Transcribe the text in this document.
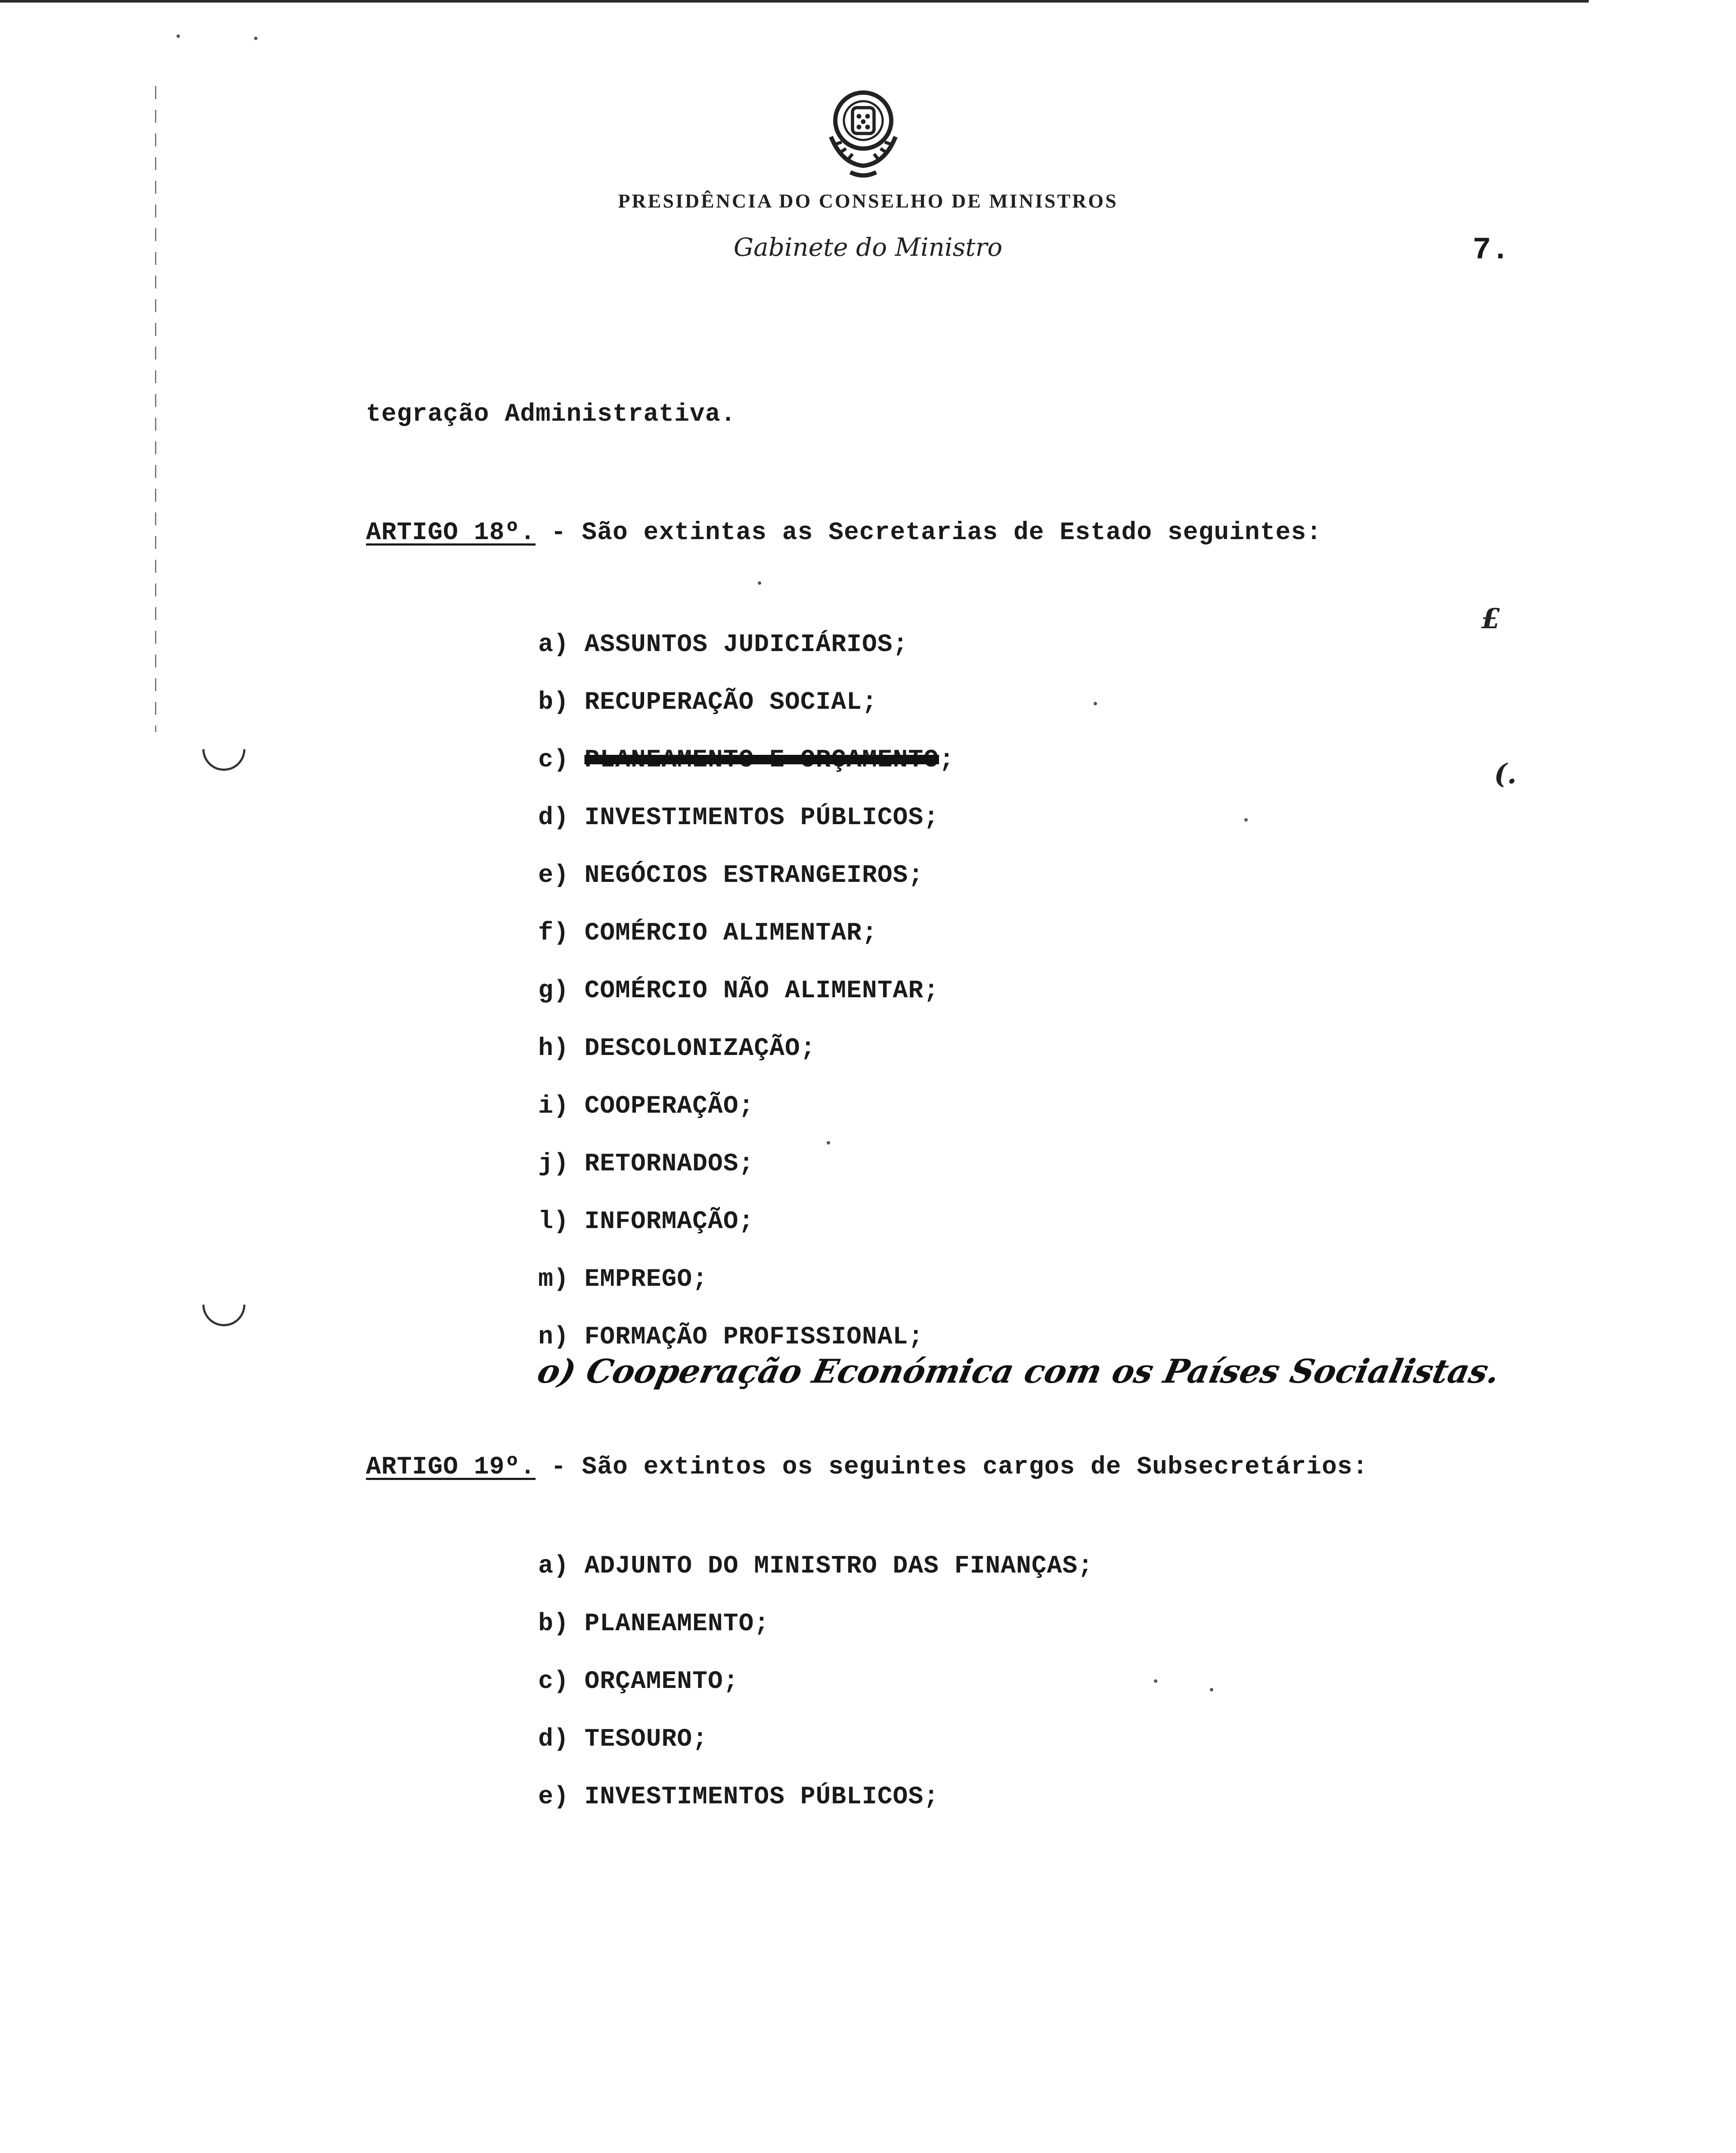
PRESIDÊNCIA DO CONSELHO DE MINISTROS
Gabinete do Ministro	7.
tegração Administrativa.
ARTIGO 18º. - São extintas as Secretarias de Estado seguintes:
a) ASSUNTOS JUDICIÁRIOS;
b) RECUPERAÇÃO SOCIAL;
c) PLANEAMENTO E ORÇAMENTO;
d) INVESTIMENTOS PÚBLICOS;
e) NEGÓCIOS ESTRANGEIROS;
f) COMÉRCIO ALIMENTAR;
g) COMÉRCIO NÃO ALIMENTAR;
h) DESCOLONIZAÇÃO;
i) COOPERAÇÃO;
j) RETORNADOS;
l) INFORMAÇÃO;
m) EMPREGO;
n) FORMAÇÃO PROFISSIONAL;
o) Cooperação Económica com os Países Socialistas.
ARTIGO 19º. - São extintos os seguintes cargos de Subsecretários:
a) ADJUNTO DO MINISTRO DAS FINANÇAS;
b) PLANEAMENTO;
c) ORÇAMENTO;
d) TESOURO;
e) INVESTIMENTOS PÚBLICOS;
£
(.
